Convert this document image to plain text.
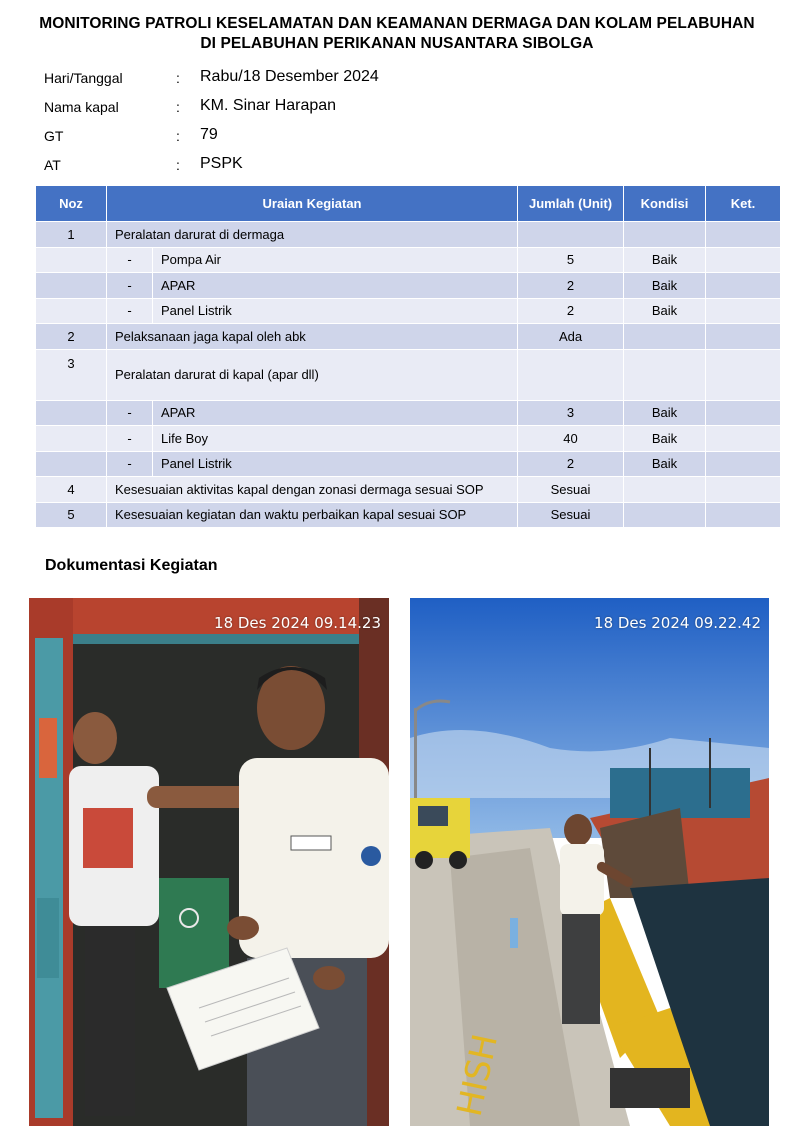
MONITORING PATROLI KESELAMATAN DAN KEAMANAN DERMAGA DAN KOLAM PELABUHAN
DI PELABUHAN PERIKANAN NUSANTARA SIBOLGA
Hari/Tanggal	: Rabu/18 Desember 2024
Nama kapal	: KM. Sinar Harapan
GT	: 79
AT	: PSPK
Noz	Uraian Kegiatan		Jumlah (Unit)	Kondisi	Ket.
1	Peralatan darurat di dermaga				
	-	Pompa Air	5	Baik	
	-	APAR	2	Baik	
	-	Panel Listrik	2	Baik	
2	Pelaksanaan jaga kapal oleh abk		Ada		
3	Peralatan darurat di kapal (apar dll)				
	-	APAR	3	Baik	
	-	Life Boy	40	Baik	
	-	Panel Listrik	2	Baik	
4	Kesesuaian aktivitas kapal dengan zonasi dermaga sesuai SOP		Sesuai		
5	Kesesuaian kegiatan dan waktu perbaikan kapal sesuai SOP		Sesuai		
Dokumentasi Kegiatan
18 Des 2024 09.14.23
HISH
18 Des 2024 09.22.42
